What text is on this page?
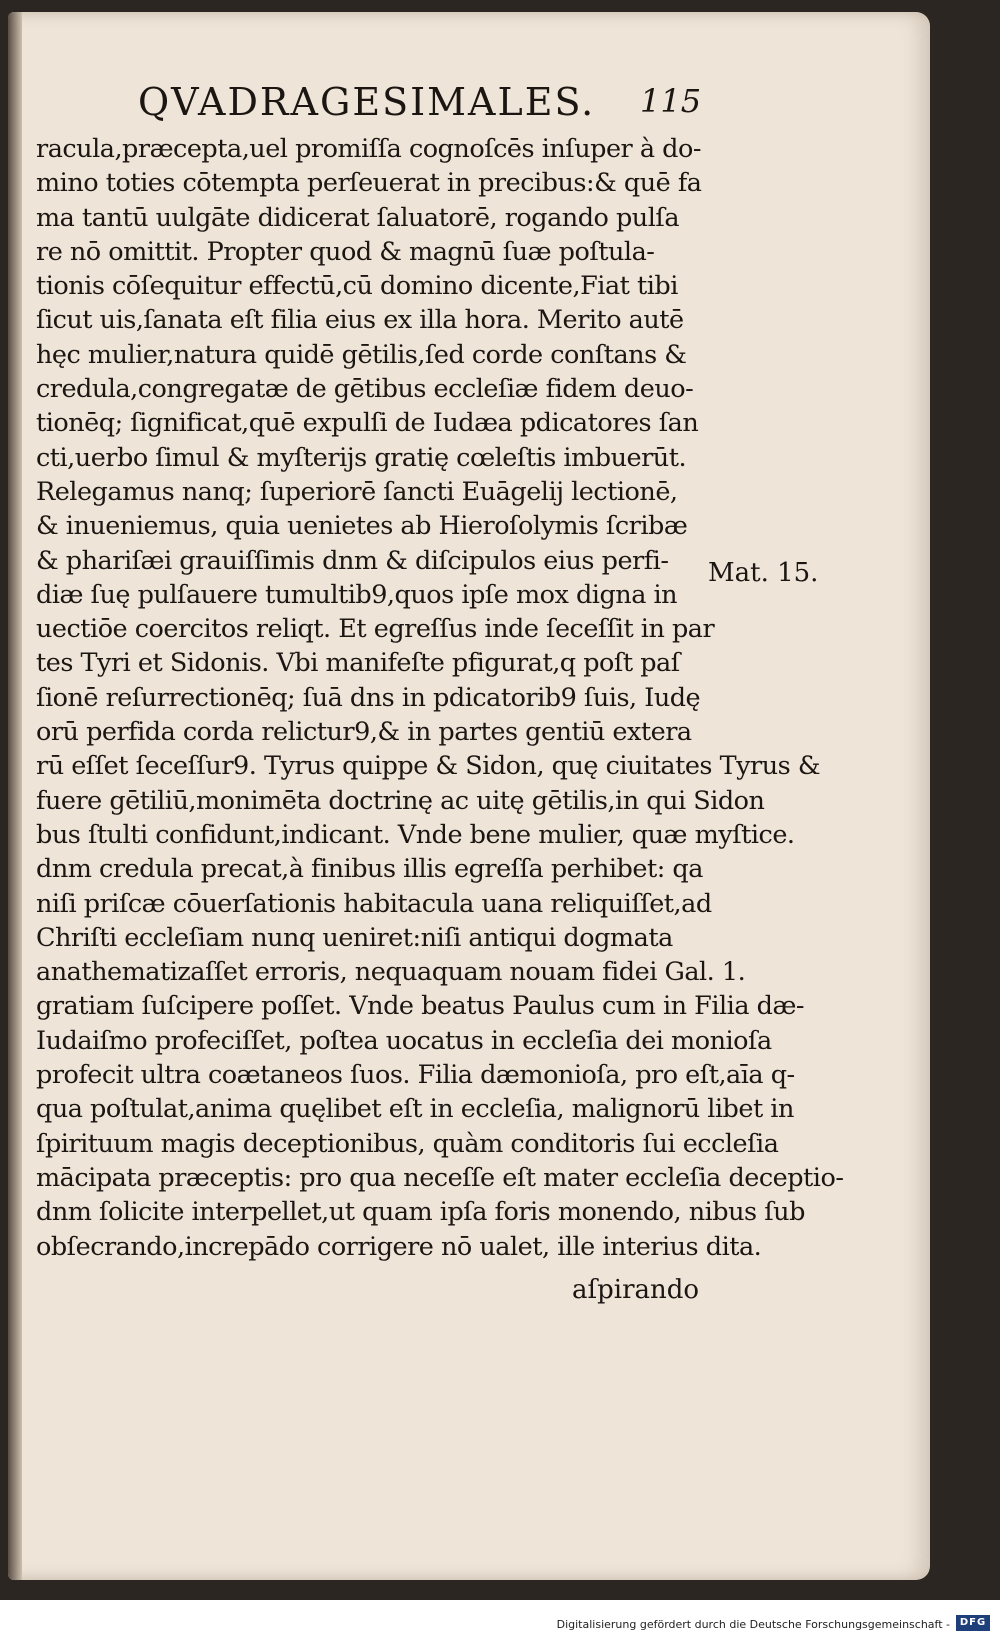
QVADRAGESIMALES. 115
racula,præcepta,uel promiſſa cognoſcēs inſuper à do-
mino toties cōtempta perſeuerat in precibus:& quē fa
ma tantū uulgāte didicerat ſaluatorē, rogando pulſa
re nō omittit. Propter quod & magnū ſuæ poſtula-
tionis cōſequitur effectū,cū domino dicente,Fiat tibi
ſicut uis,ſanata eſt filia eius ex illa hora. Merito autē
hęc mulier,natura quidē gētilis,ſed corde conſtans &
credula,congregatæ de gētibus eccleſiæ fidem deuo-
tionēq; ſignificat,quē expulſi de Iudæa pdicatores ſan
cti,uerbo ſimul & myſterijs gratię cœleſtis imbuerūt.
Relegamus nanq; ſuperiorē ſancti Euāgelij lectionē,
& inueniemus, quia uenietes ab Hieroſolymis ſcribæ
& phariſæi grauiſſimis dnm & diſcipulos eius perfi-
diæ ſuę pulſauere tumultib9,quos ipſe mox digna in
uectiōe coercitos reliqt. Et egreſſus inde ſeceſſit in par
tes Tyri et Sidonis. Vbi manifeſte pfigurat,q poſt paſ
ſionē reſurrectionēq; ſuā dns in pdicatorib9 ſuis, Iudę
orū perfida corda relictur9,& in partes gentiū extera
rū eſſet ſeceſſur9. Tyrus quippe & Sidon, quę ciuitates Tyrus &
fuere gētiliū,monimēta doctrinę ac uitę gētilis,in qui Sidon
bus ſtulti confidunt,indicant. Vnde bene mulier, quæ myſtice.
dnm credula precat,à finibus illis egreſſa perhibet: qa
niſi priſcæ cōuerſationis habitacula uana reliquiſſet,ad
Chriſti eccleſiam nunq ueniret:niſi antiqui dogmata
anathematizaſſet erroris, nequaquam nouam fidei Gal. 1.
gratiam ſuſcipere poſſet. Vnde beatus Paulus cum in Filia dæ-
Iudaiſmo profeciſſet, poſtea uocatus in eccleſia dei monioſa
profecit ultra coætaneos ſuos. Filia dæmonioſa, pro eſt,aīa q-
qua poſtulat,anima quęlibet eſt in eccleſia, malignorū libet in
ſpirituum magis deceptionibus, quàm conditoris ſui eccleſia
mācipata præceptis: pro qua neceſſe eſt mater eccleſia deceptio-
dnm ſolicite interpellet,ut quam ipſa foris monendo, nibus ſub
obſecrando,increpādo corrigere nō ualet, ille interius dita.
Mat. 15.
aſpirando
Digitalisierung gefördert durch die Deutsche Forschungsgemeinschaft - DFG
